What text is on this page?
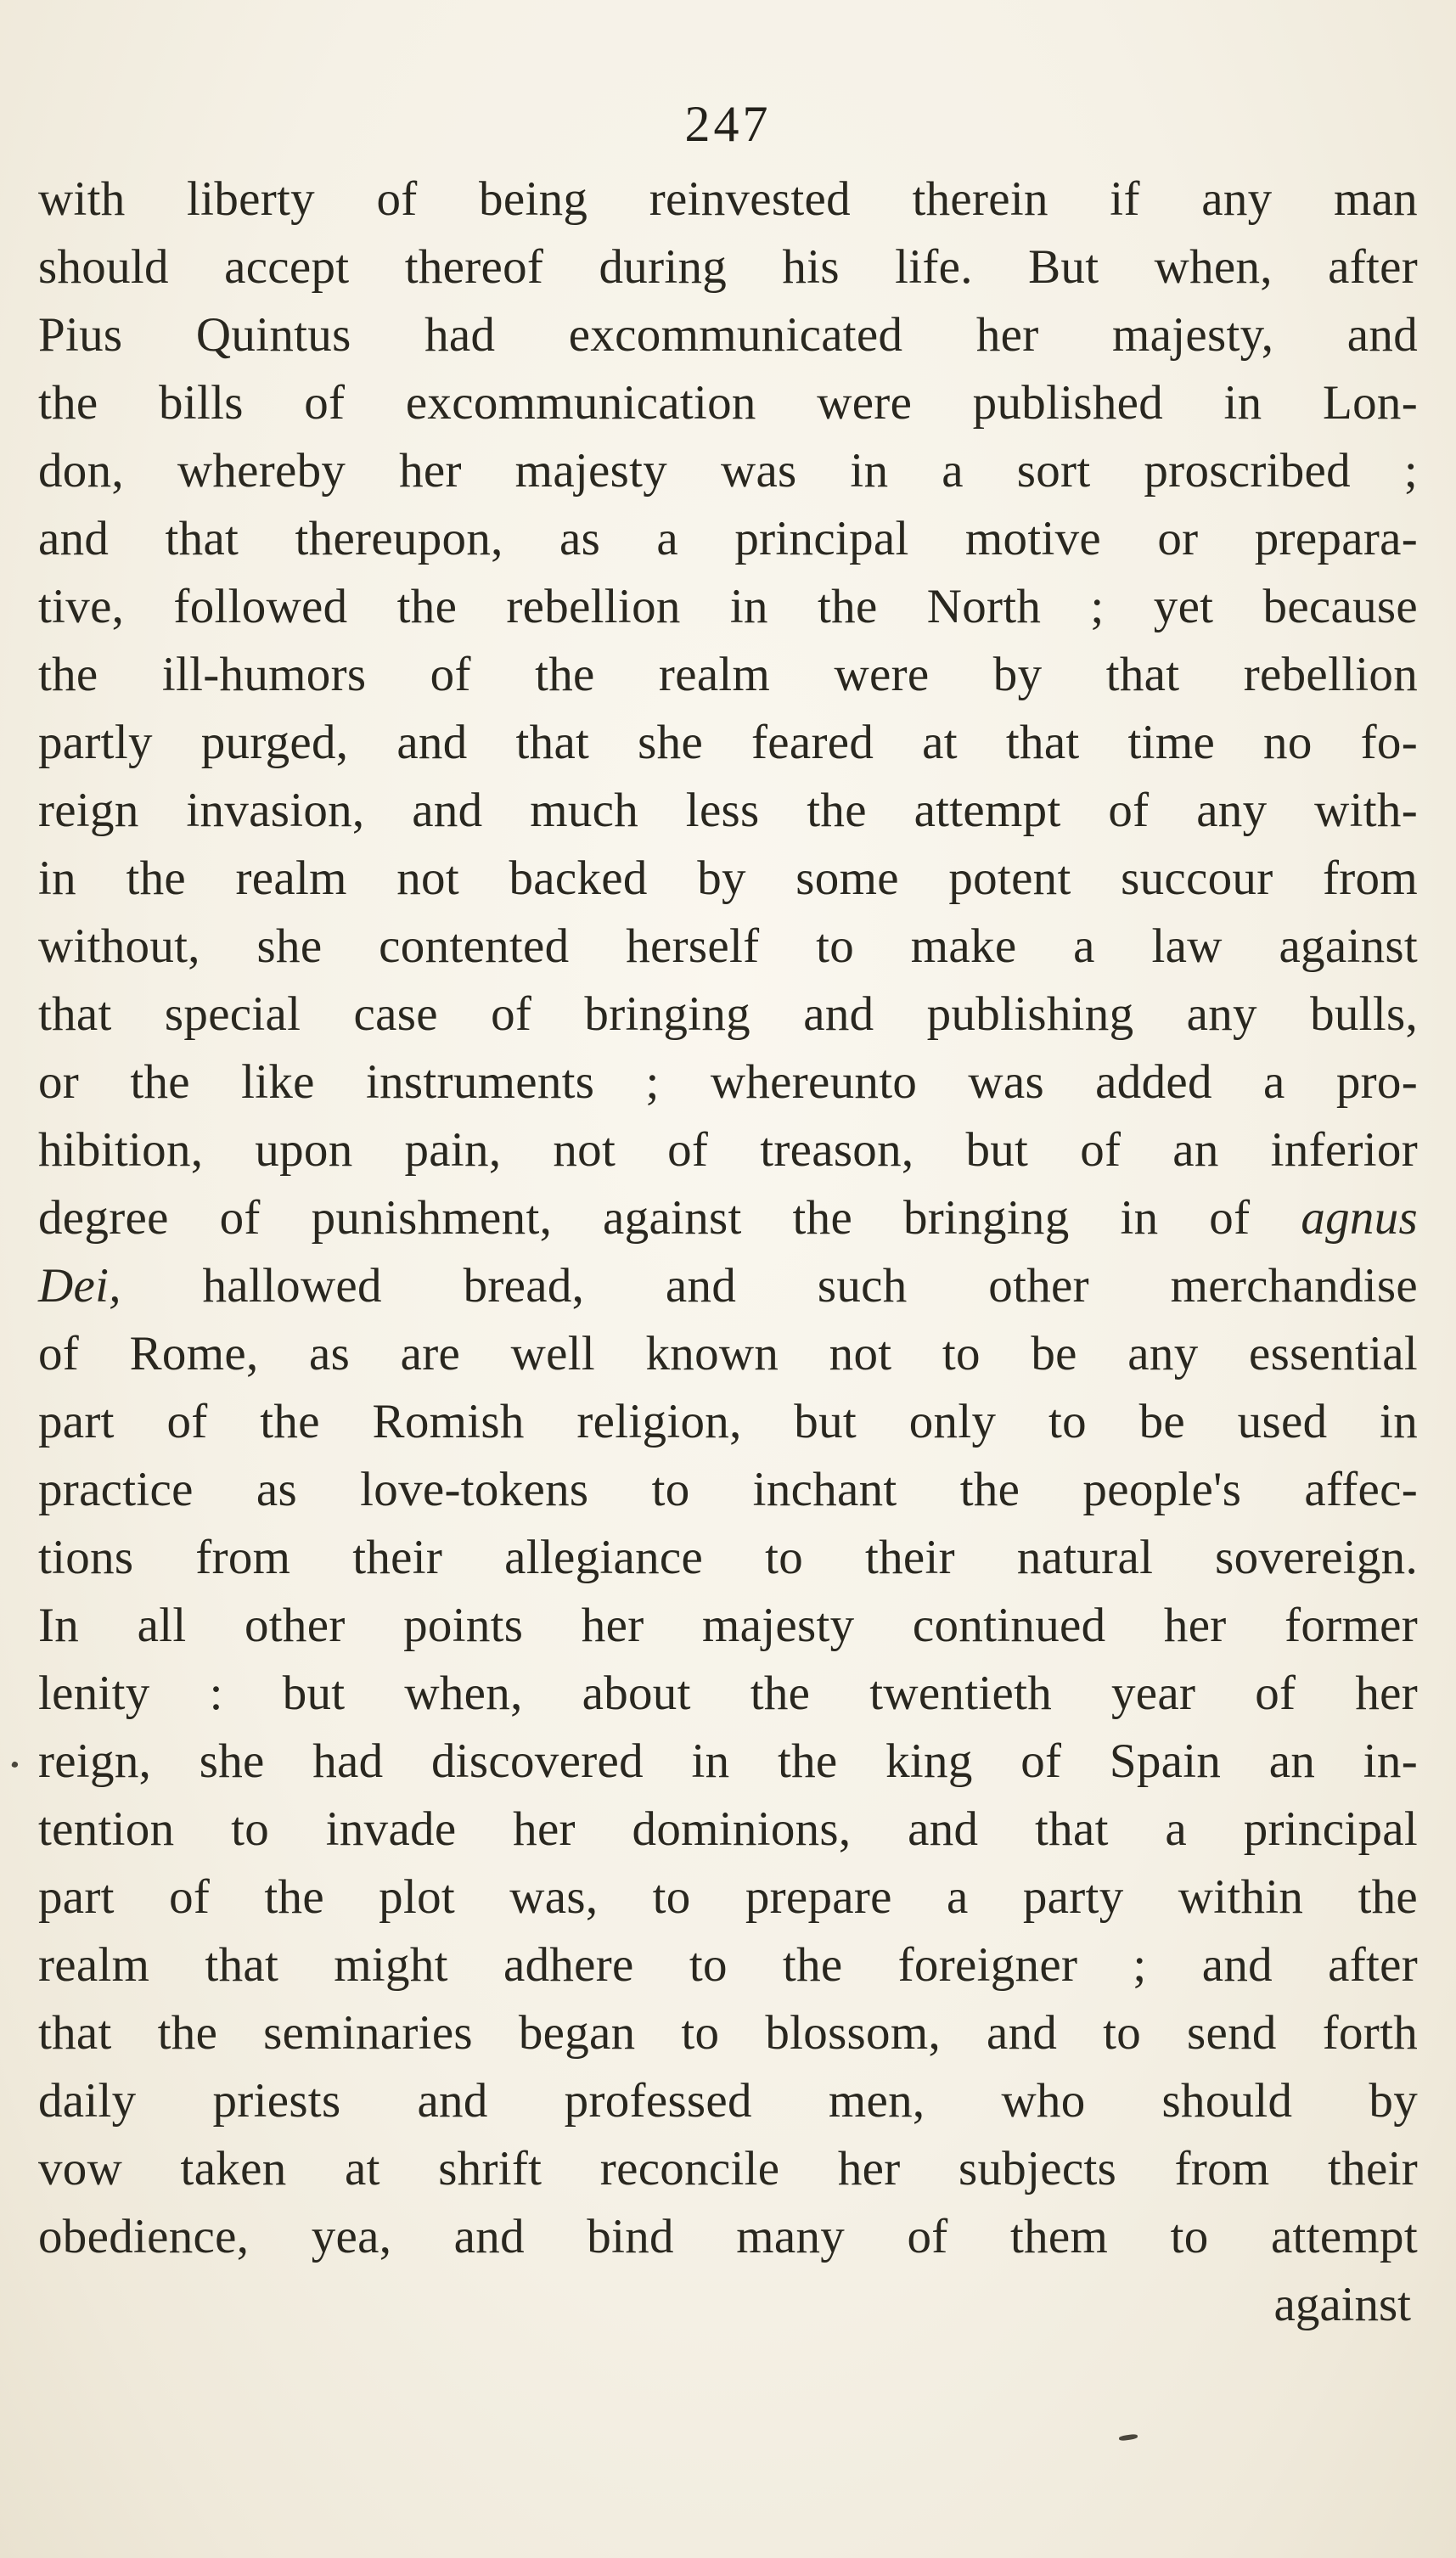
247
with liberty of being reinvested therein if any man
should accept thereof during his life. But when, after
Pius Quintus had excommunicated her majesty, and
the bills of excommunication were published in Lon-
don, whereby her majesty was in a sort proscribed ;
and that thereupon, as a principal motive or prepara-
tive, followed the rebellion in the North ; yet because
the ill-humors of the realm were by that rebellion
partly purged, and that she feared at that time no fo-
reign invasion, and much less the attempt of any with-
in the realm not backed by some potent succour from
without, she contented herself to make a law against
that special case of bringing and publishing any bulls,
or the like instruments ; whereunto was added a pro-
hibition, upon pain, not of treason, but of an inferior
degree of punishment, against the bringing in of agnus
Dei, hallowed bread, and such other merchandise
of Rome, as are well known not to be any essential
part of the Romish religion, but only to be used in
practice as love-tokens to inchant the people's affec-
tions from their allegiance to their natural sovereign.
In all other points her majesty continued her former
lenity : but when, about the twentieth year of her
reign, she had discovered in the king of Spain an in-
tention to invade her dominions, and that a principal
part of the plot was, to prepare a party within the
realm that might adhere to the foreigner ; and after
that the seminaries began to blossom, and to send forth
daily priests and professed men, who should by
vow taken at shrift reconcile her subjects from their
obedience, yea, and bind many of them to attempt
against
